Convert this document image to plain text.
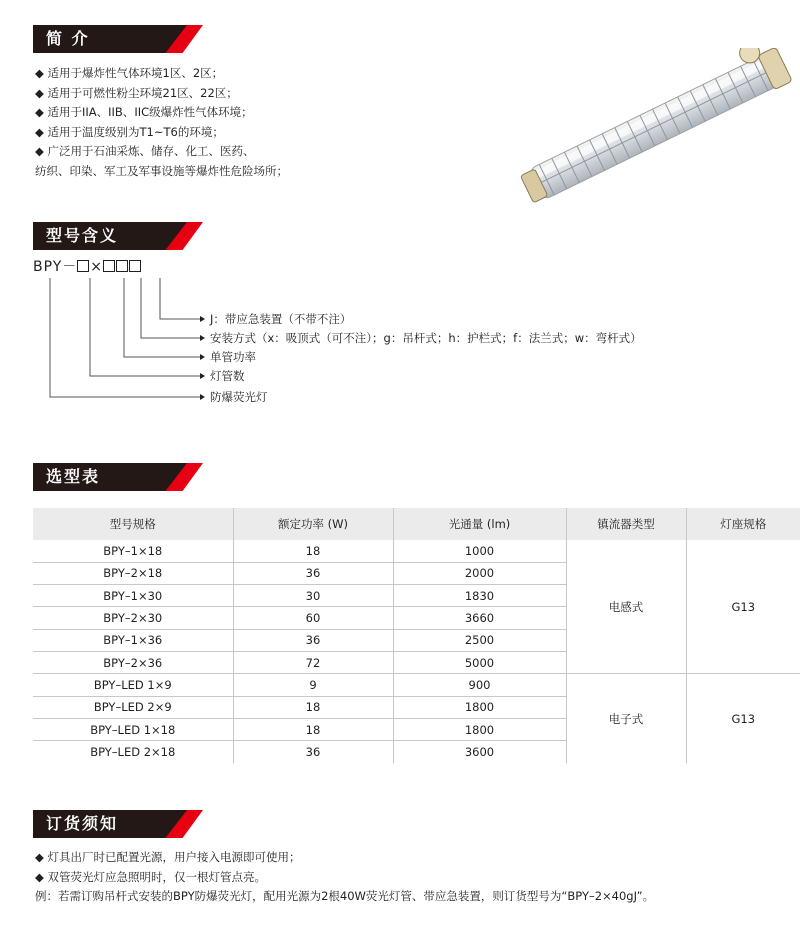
简 介
◆ 适用于爆炸性气体环境1区、2区；
◆ 适用于可燃性粉尘环境21区、22区；
◆ 适用于IIA、IIB、IIC级爆炸性气体环境；
◆ 适用于温度级别为T1~T6的环境；
◆ 广泛用于石油采炼、储存、化工、医药、
纺织、印染、军工及军事设施等爆炸性危险场所；
型号含义
BPY－ ×
J：带应急装置（不带不注）
安装方式（x：吸顶式（可不注）；g：吊杆式；h：护栏式；f：法兰式；w：弯杆式）
单管功率
灯管数
防爆荧光灯
选型表
型号规格	额定功率 (W)	光通量 (lm)	镇流器类型	灯座规格
BPY–1×18	18	1000	电感式	G13
BPY–2×18	36	2000		
BPY–1×30	30	1830		
BPY–2×30	60	3660		
BPY–1×36	36	2500		
BPY–2×36	72	5000		
BPY–LED 1×9	9	900	电子式	G13
BPY–LED 2×9	18	1800		
BPY–LED 1×18	18	1800		
BPY–LED 2×18	36	3600		
订货须知
◆ 灯具出厂时已配置光源，用户接入电源即可使用；
◆ 双管荧光灯应急照明时，仅一根灯管点亮。
例：若需订购吊杆式安装的BPY防爆荧光灯，配用光源为2根40W荧光灯管、带应急装置，则订货型号为“BPY–2×40gJ”。
